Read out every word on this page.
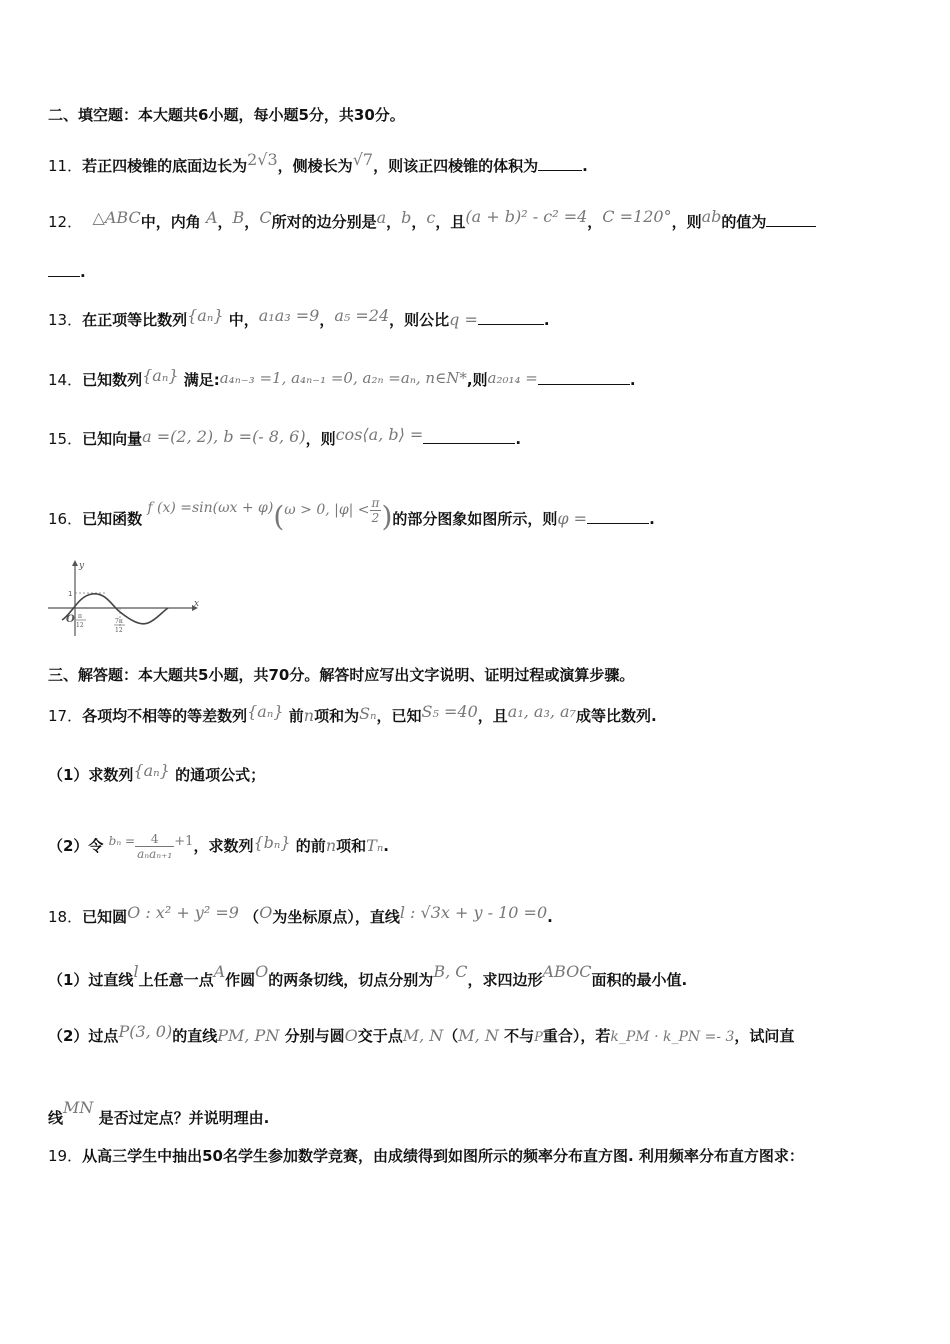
二、填空题：本大题共6小题，每小题5分，共30分。
11．若正四棱锥的底面边长为2√3，侧棱长为√7，则该正四棱锥的体积为	.
12． △ABC中，内角 A，B，C所对的边分别是a，b，c，且(a + b)² - c² =4，C =120°，则ab的值为
.
13．在正项等比数列{aₙ} 中，a₁a₃ =9，a₅ =24，则公比q =	.
14．已知数列{aₙ} 满足:a₄ₙ₋₃ =1, a₄ₙ₋₁ =0, a₂ₙ =aₙ, n∈N*,则a₂₀₁₄ =	.
15．已知向量a =(2, 2), b =(- 8, 6)，则cos⟨a, b⟩ =	.
16．已知函数 f (x) =sin(ωx + φ)(ω > 0, $|\varphi| < \frac{\pi}{2}$ )的部分图象如图所示，则φ =	.
y
x
O
1
π
12
7π
12
三、解答题：本大题共5小题，共70分。解答时应写出文字说明、证明过程或演算步骤。
17．各项均不相等的等差数列{aₙ} 前n项和为Sₙ，已知S₅ =40，且a₁, a₃, a₇成等比数列.
（1）求数列{aₙ} 的通项公式；
（2）令 $^{b_n =} \frac{4}{\text{aₙaₙ₊₁}} +1$，求数列{bₙ} 的前n项和Tₙ.
18．已知圆O : x² + y² =9 （O为坐标原点），直线l : √3x + y - 10 =0.
（1）过直线l上任意一点A作圆O的两条切线，切点分别为B, C，求四边形ABOC面积的最小值.
（2）过点P(3, 0)的直线PM, PN 分别与圆O交于点M, N（M, N 不与P重合），若k_PM · k_PN =- 3，试问直
线MN 是否过定点？并说明理由.
19．从高三学生中抽出50名学生参加数学竞赛，由成绩得到如图所示的频率分布直方图. 利用频率分布直方图求：
